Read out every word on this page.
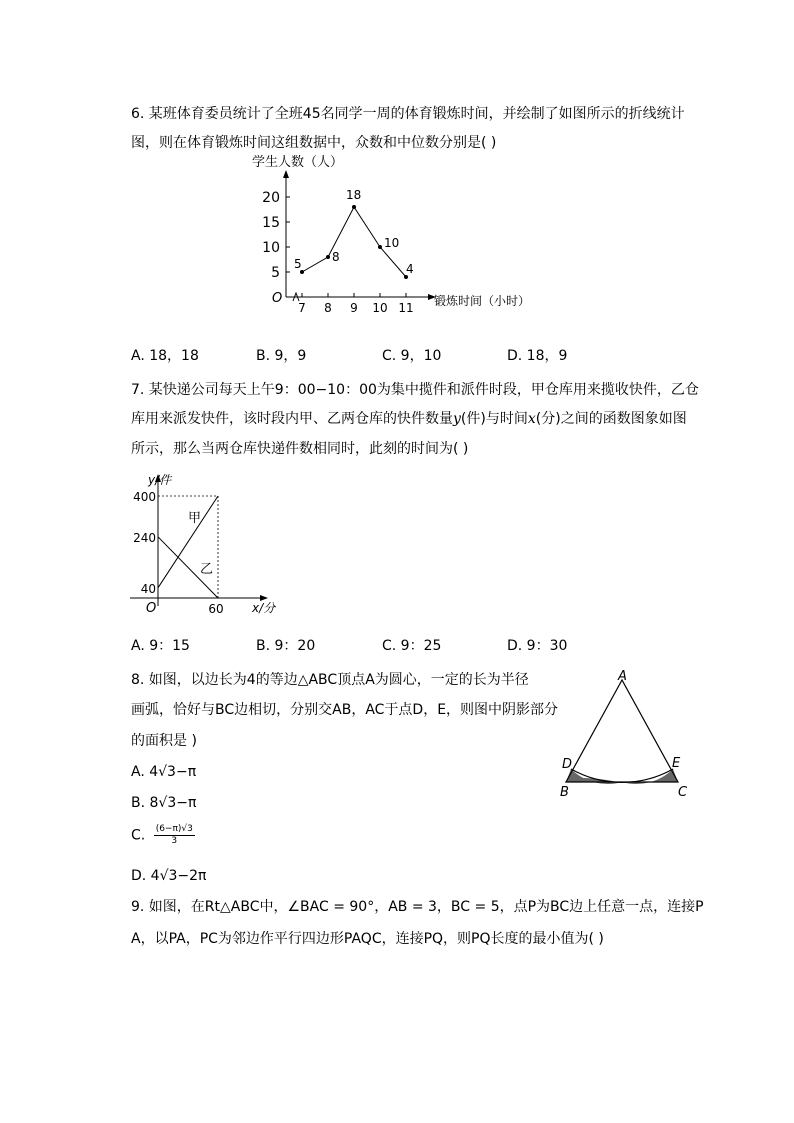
6. 某班体育委员统计了全班45名同学一周的体育锻炼时间，并绘制了如图所示的折线统计
图，则在体育锻炼时间这组数据中，众数和中位数分别是( )
学生人数（人）
锻炼时间（小时）
O
5
10
15
20
7 8 9 10 11
5	8
18
10
4
A. 18，18	B. 9，9	C. 9，10	D. 18，9
7. 某快递公司每天上午9：00−10：00为集中揽件和派件时段，甲仓库用来揽收快件，乙仓
库用来派发快件，该时段内甲、乙两仓库的快件数量y(件)与时间x(分)之间的函数图象如图
所示，那么当两仓库快递件数相同时，此刻的时间为( )
y/件
x/分
O
40
240
400
60
甲
乙
A. 9：15	B. 9：20	C. 9：25	D. 9：30
8. 如图，以边长为4的等边△ABC顶点A为圆心，一定的长为半径
画弧，恰好与BC边相切，分别交AB，AC于点D，E，则图中阴影部分
的面积是 )
A. 4√3−π
B. 8√3−π
C. $\frac{(6-\pi)√3}{3}$
D. 4√3−2π
A
D	E
B	C
9. 如图，在Rt△ABC中，∠BAC = 90°，AB = 3，BC = 5，点P为BC边上任意一点，连接P
A，以PA，PC为邻边作平行四边形PAQC，连接PQ，则PQ长度的最小值为( )
